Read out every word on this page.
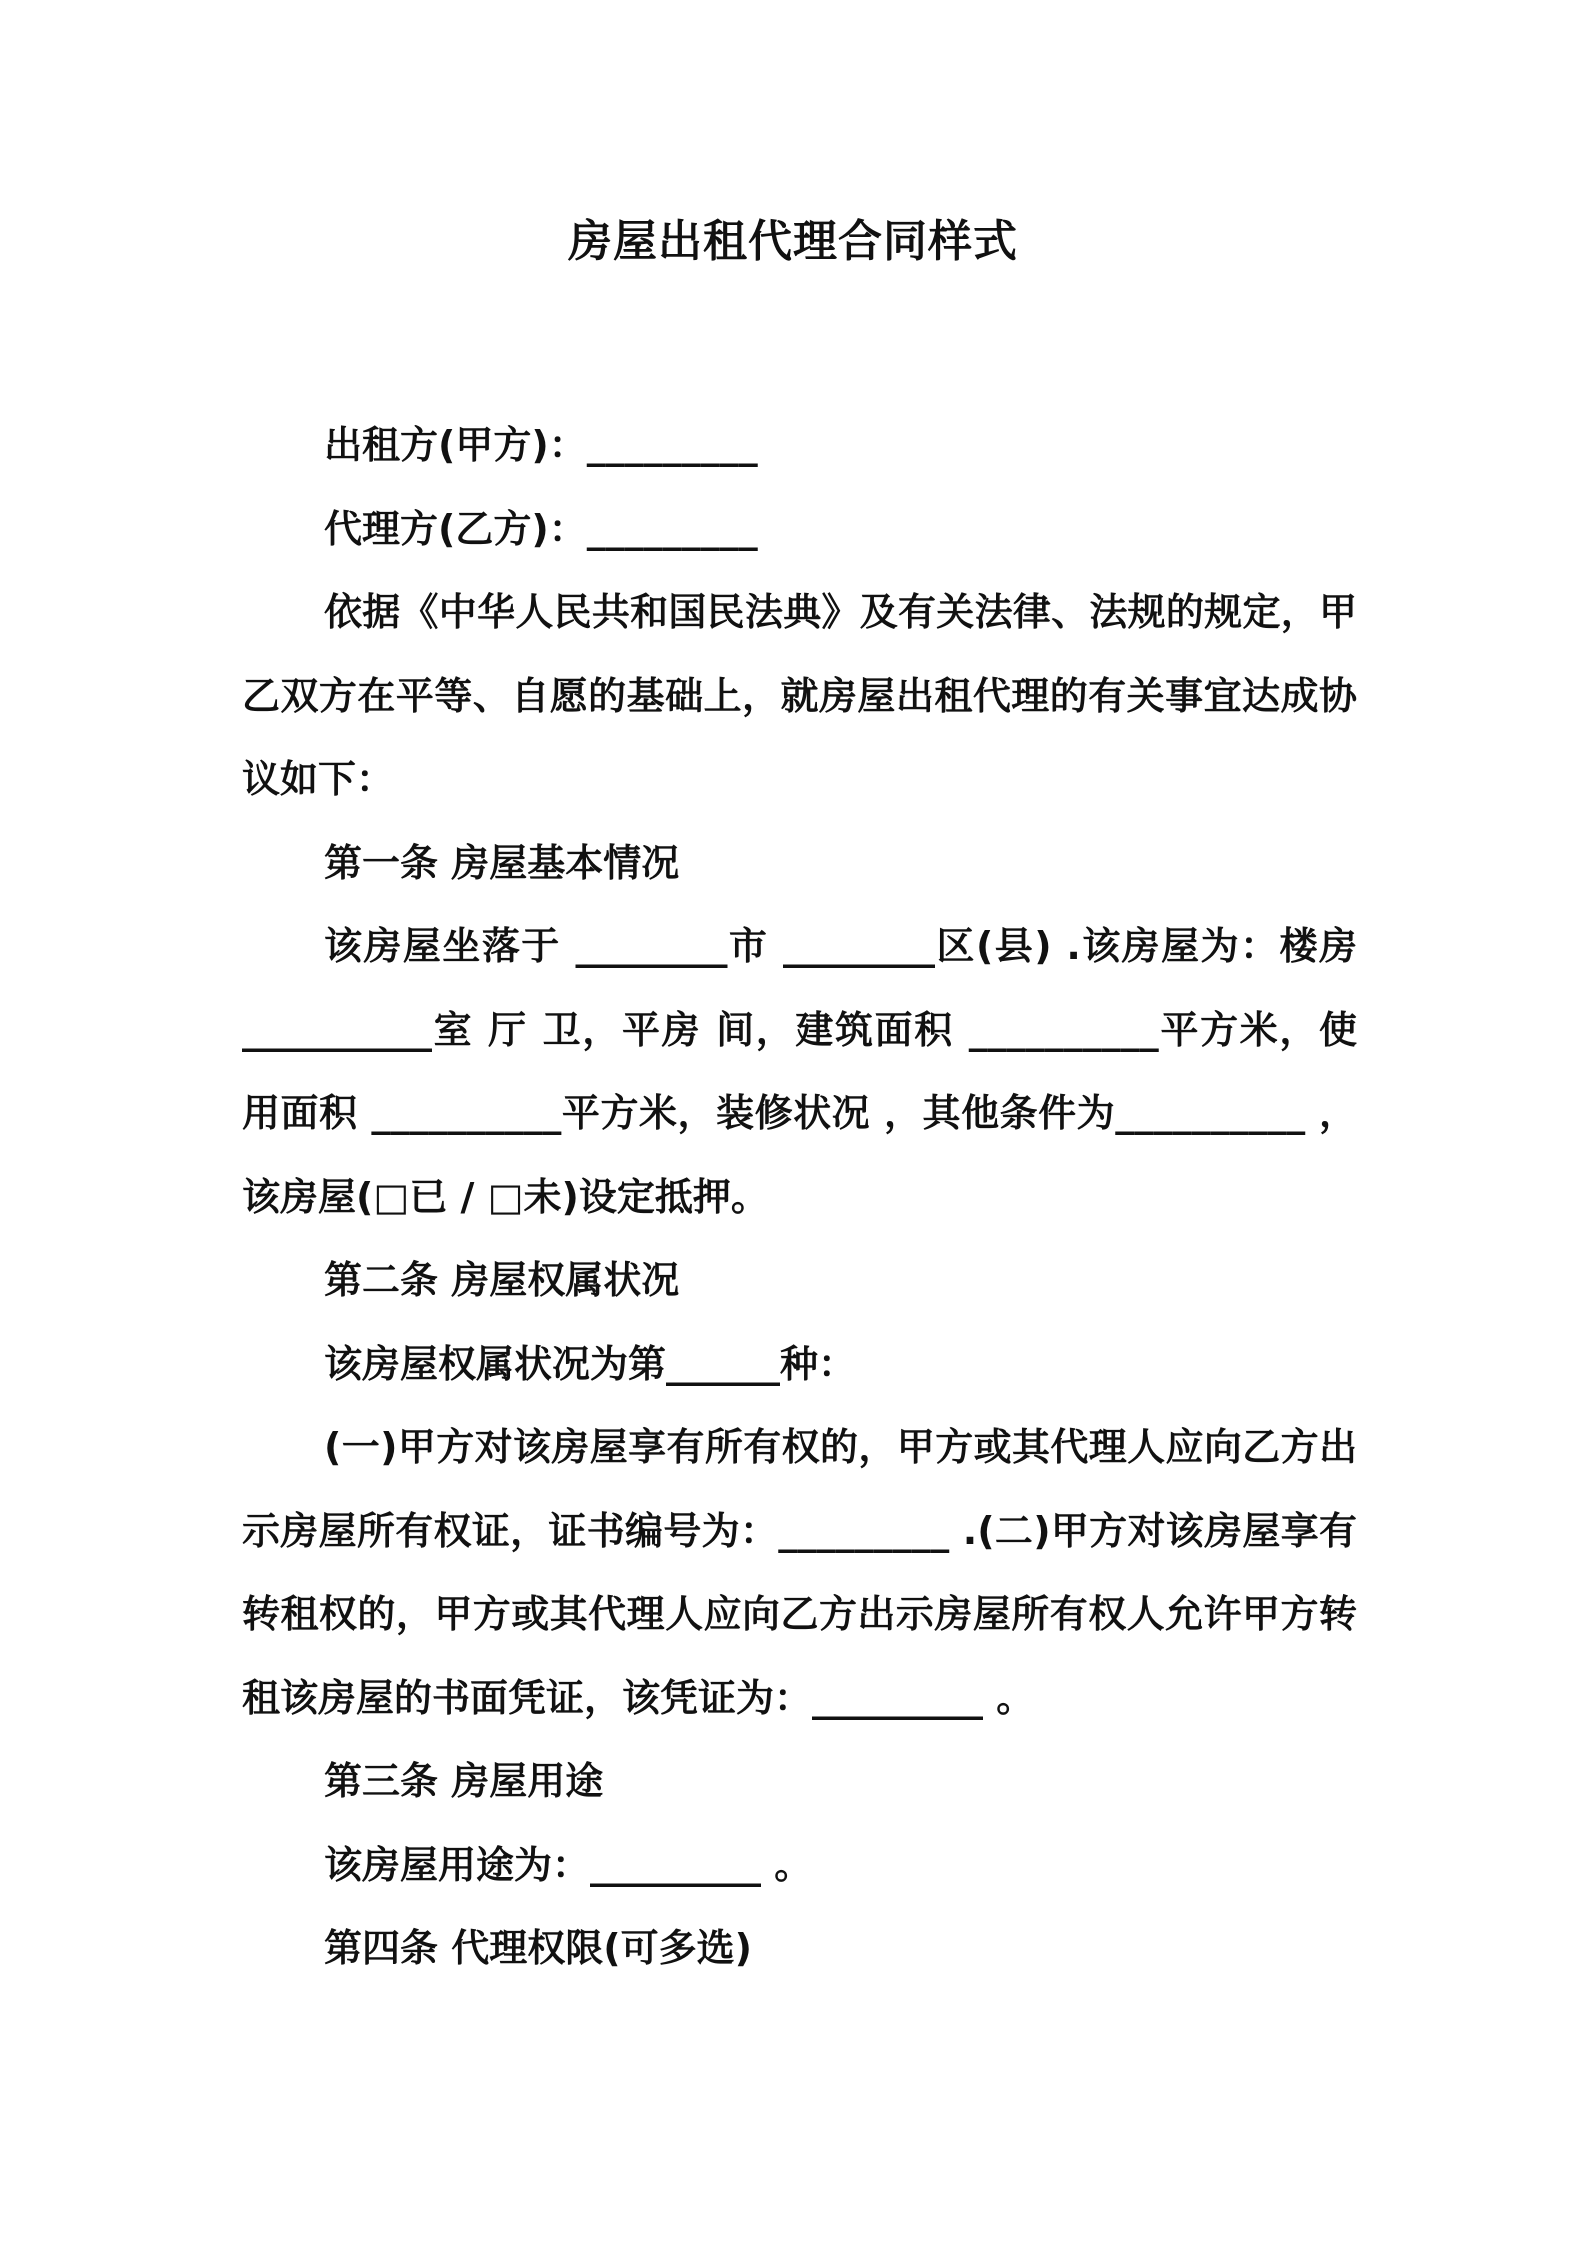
房屋出租代理合同样式
出租方(甲方)：_________
代理方(乙方)：_________
依据《中华人民共和国民法典》及有关法律、法规的规定，甲乙双方在平等、自愿的基础上，就房屋出租代理的有关事宜达成协议如下：
第一条 房屋基本情况
该房屋坐落于 ________市 ________区(县) .该房屋为：楼房 __________室 厅 卫，平房 间，建筑面积 __________平方米，使用面积 __________平方米，装修状况 ，其他条件为__________ ，该房屋(□已 / □未)设定抵押。
第二条 房屋权属状况
该房屋权属状况为第______种：
(一)甲方对该房屋享有所有权的，甲方或其代理人应向乙方出示房屋所有权证，证书编号为：_________ .(二)甲方对该房屋享有转租权的，甲方或其代理人应向乙方出示房屋所有权人允许甲方转租该房屋的书面凭证，该凭证为：_________ 。
第三条 房屋用途
该房屋用途为：_________ 。
第四条 代理权限(可多选)
